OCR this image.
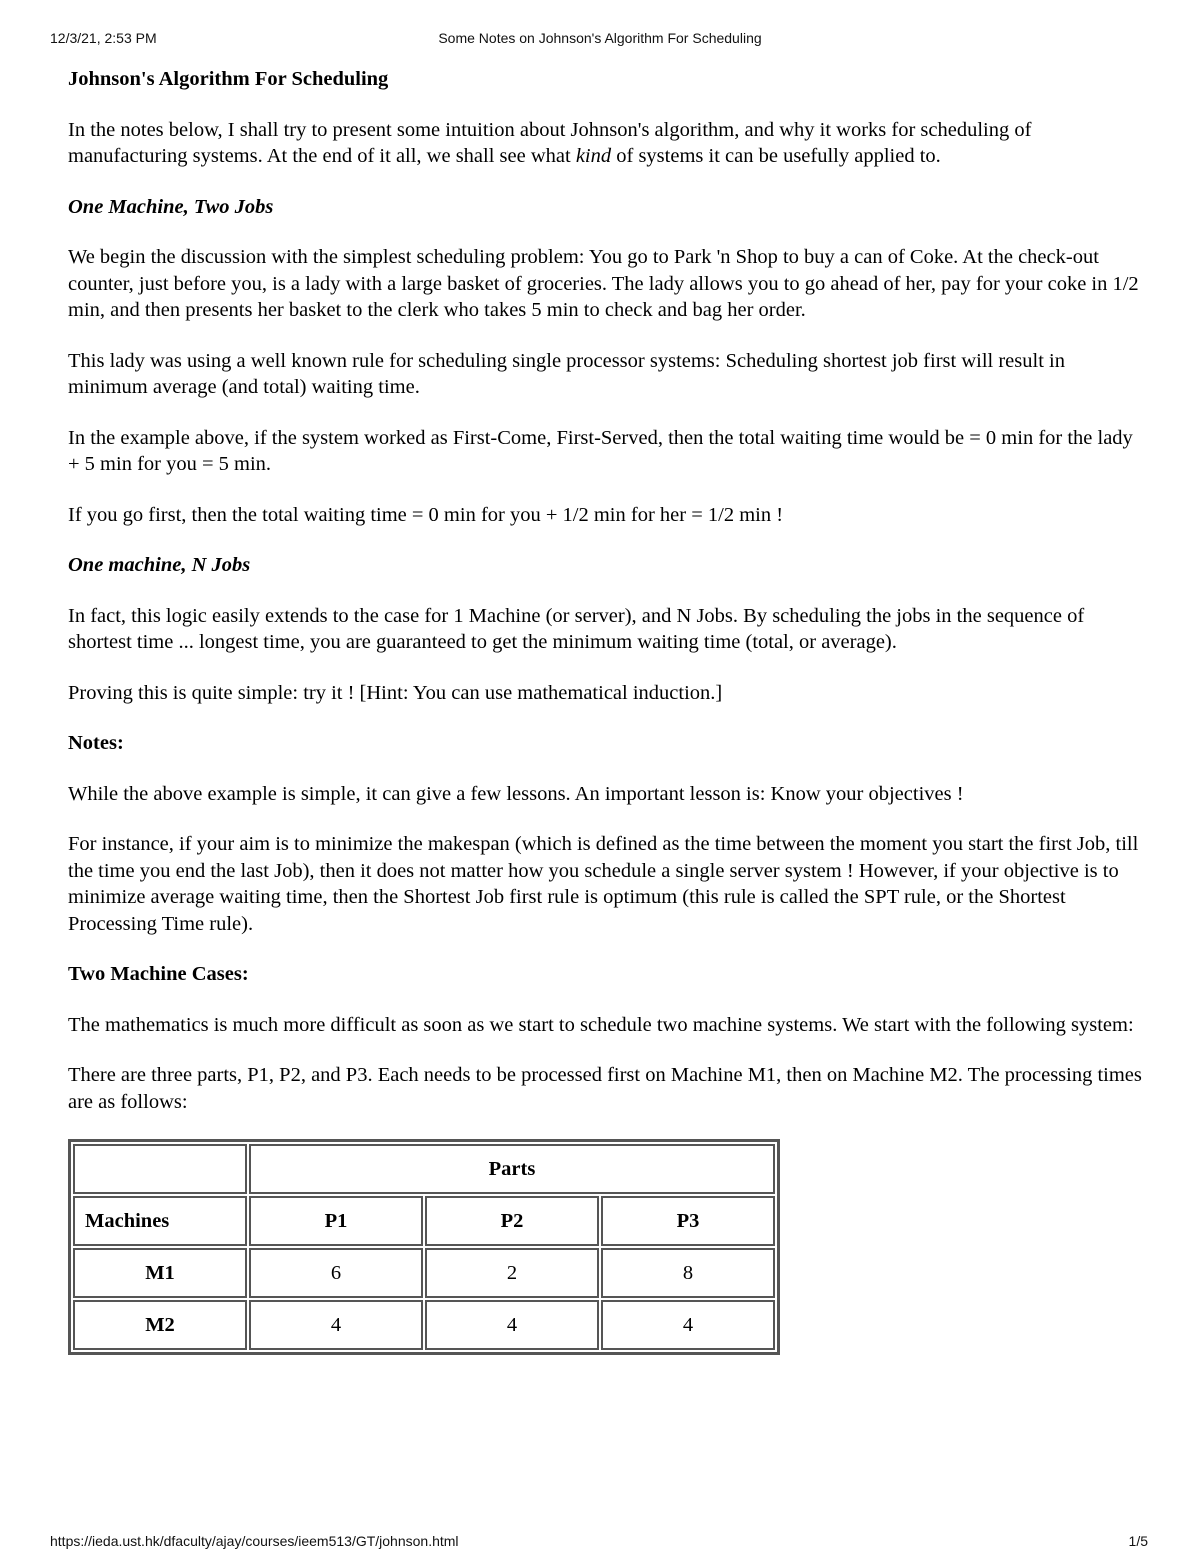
12/3/21, 2:53 PM	Some Notes on Johnson's Algorithm For Scheduling
Johnson's Algorithm For Scheduling

In the notes below, I shall try to present some intuition about Johnson's algorithm, and why it works for scheduling of manufacturing systems. At the end of it all, we shall see what kind of systems it can be usefully applied to.

One Machine, Two Jobs

We begin the discussion with the simplest scheduling problem: You go to Park 'n Shop to buy a can of Coke. At the check-out counter, just before you, is a lady with a large basket of groceries. The lady allows you to go ahead of her, pay for your coke in 1/2 min, and then presents her basket to the clerk who takes 5 min to check and bag her order.

This lady was using a well known rule for scheduling single processor systems: Scheduling shortest job first will result in minimum average (and total) waiting time.

In the example above, if the system worked as First-Come, First-Served, then the total waiting time would be = 0 min for the lady + 5 min for you = 5 min.

If you go first, then the total waiting time = 0 min for you + 1/2 min for her = 1/2 min !

One machine, N Jobs

In fact, this logic easily extends to the case for 1 Machine (or server), and N Jobs. By scheduling the jobs in the sequence of shortest time ... longest time, you are guaranteed to get the minimum waiting time (total, or average).

Proving this is quite simple: try it ! [Hint: You can use mathematical induction.]

Notes:

While the above example is simple, it can give a few lessons. An important lesson is: Know your objectives !

For instance, if your aim is to minimize the makespan (which is defined as the time between the moment you start the first Job, till the time you end the last Job), then it does not matter how you schedule a single server system ! However, if your objective is to minimize average waiting time, then the Shortest Job first rule is optimum (this rule is called the SPT rule, or the Shortest Processing Time rule).

Two Machine Cases:

The mathematics is much more difficult as soon as we start to schedule two machine systems. We start with the following system:

There are three parts, P1, P2, and P3. Each needs to be processed first on Machine M1, then on Machine M2. The processing times are as follows:

	Parts		
Machines	P1	P2	P3
M1	6	2	8
M2	4	4	4
https://ieda.ust.hk/dfaculty/ajay/courses/ieem513/GT/johnson.html	1/5
